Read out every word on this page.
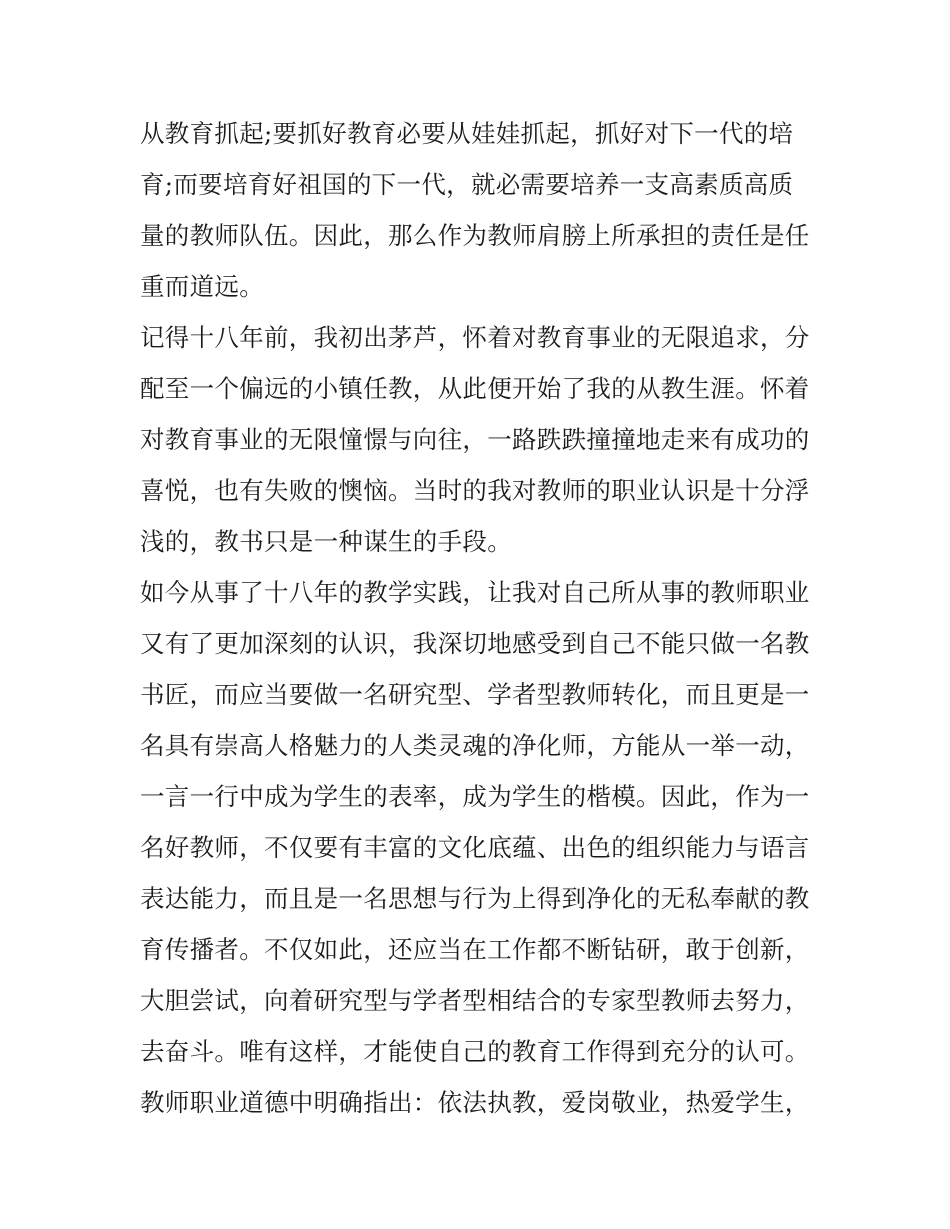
从教育抓起;要抓好教育必要从娃娃抓起，抓好对下一代的培
育;而要培育好祖国的下一代，就必需要培养一支高素质高质
量的教师队伍。因此，那么作为教师肩膀上所承担的责任是任
重而道远。
记得十八年前，我初出茅芦，怀着对教育事业的无限追求，分
配至一个偏远的小镇任教，从此便开始了我的从教生涯。怀着
对教育事业的无限憧憬与向往，一路跌跌撞撞地走来有成功的
喜悦，也有失败的懊恼。当时的我对教师的职业认识是十分浮
浅的，教书只是一种谋生的手段。
如今从事了十八年的教学实践，让我对自己所从事的教师职业
又有了更加深刻的认识，我深切地感受到自己不能只做一名教
书匠，而应当要做一名研究型、学者型教师转化，而且更是一
名具有崇高人格魅力的人类灵魂的净化师，方能从一举一动，
一言一行中成为学生的表率，成为学生的楷模。因此，作为一
名好教师，不仅要有丰富的文化底蕴、出色的组织能力与语言
表达能力，而且是一名思想与行为上得到净化的无私奉献的教
育传播者。不仅如此，还应当在工作都不断钻研，敢于创新，
大胆尝试，向着研究型与学者型相结合的专家型教师去努力，
去奋斗。唯有这样，才能使自己的教育工作得到充分的认可。
教师职业道德中明确指出：依法执教，爱岗敬业，热爱学生，
